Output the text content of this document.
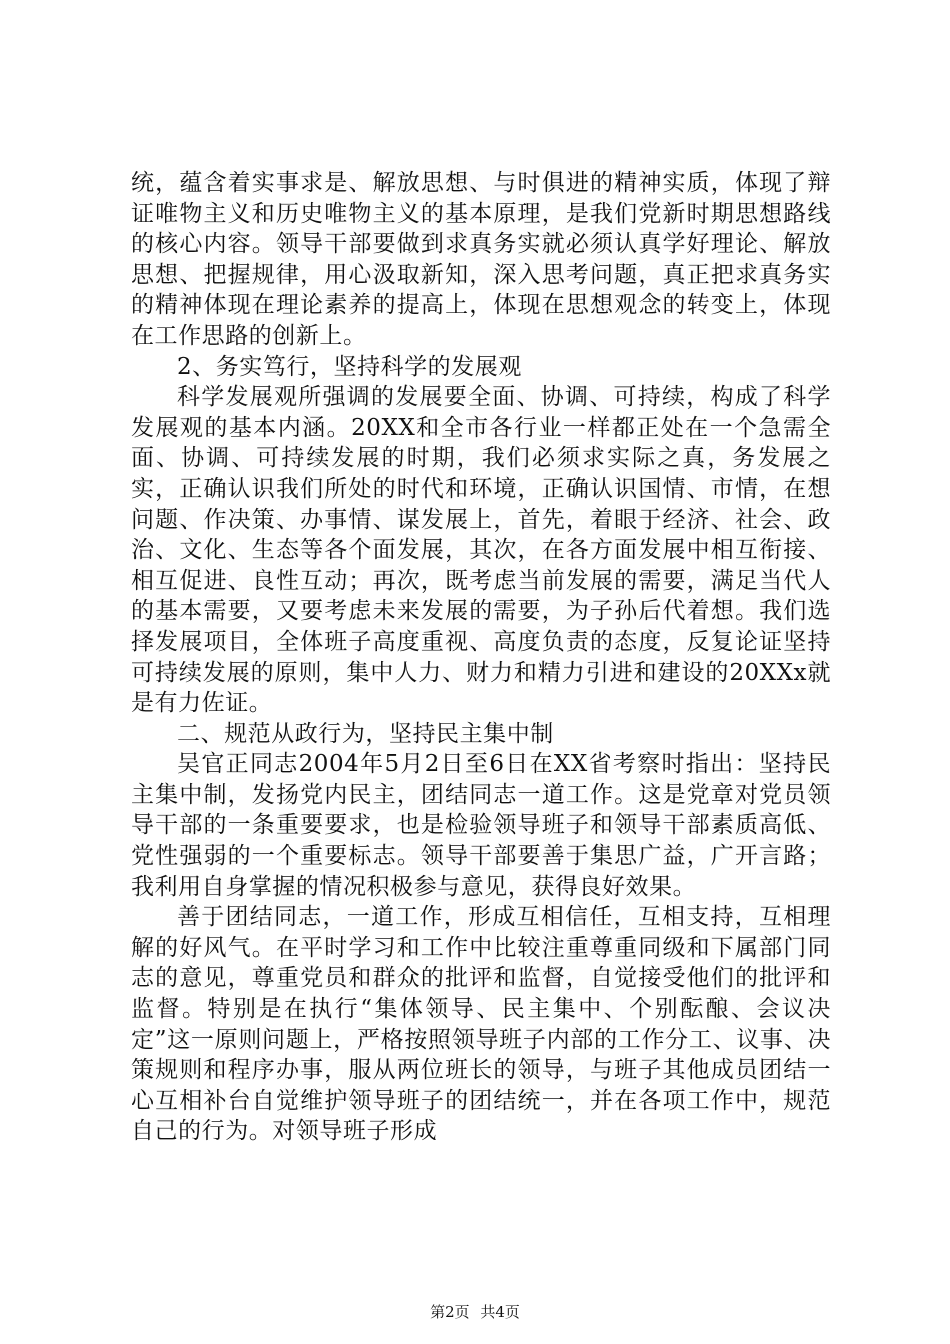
统，蕴含着实事求是、解放思想、与时俱进的精神实质，体现了辩证唯物主义和历史唯物主义的基本原理，是我们党新时期思想路线的核心内容。领导干部要做到求真务实就必须认真学好理论、解放思想、把握规律，用心汲取新知，深入思考问题，真正把求真务实的精神体现在理论素养的提高上，体现在思想观念的转变上，体现在工作思路的创新上。

2、务实笃行，坚持科学的发展观

科学发展观所强调的发展要全面、协调、可持续，构成了科学发展观的基本内涵。20XX和全市各行业一样都正处在一个急需全面、协调、可持续发展的时期，我们必须求实际之真，务发展之实，正确认识我们所处的时代和环境，正确认识国情、市情，在想问题、作决策、办事情、谋发展上，首先，着眼于经济、社会、政治、文化、生态等各个面发展，其次，在各方面发展中相互衔接、相互促进、良性互动；再次，既考虑当前发展的需要，满足当代人的基本需要，又要考虑未来发展的需要，为子孙后代着想。我们选择发展项目，全体班子高度重视、高度负责的态度，反复论证坚持可持续发展的原则，集中人力、财力和精力引进和建设的20XXx就是有力佐证。

二、规范从政行为，坚持民主集中制

吴官正同志2004年5月2日至6日在XX省考察时指出：坚持民主集中制，发扬党内民主，团结同志一道工作。这是党章对党员领导干部的一条重要要求，也是检验领导班子和领导干部素质高低、党性强弱的一个重要标志。领导干部要善于集思广益，广开言路；我利用自身掌握的情况积极参与意见，获得良好效果。

善于团结同志，一道工作，形成互相信任，互相支持，互相理解的好风气。在平时学习和工作中比较注重尊重同级和下属部门同志的意见，尊重党员和群众的批评和监督，自觉接受他们的批评和监督。特别是在执行“集体领导、民主集中、个别酝酿、会议决定”这一原则问题上，严格按照领导班子内部的工作分工、议事、决策规则和程序办事，服从两位班长的领导，与班子其他成员团结一心互相补台自觉维护领导班子的团结统一，并在各项工作中，规范自己的行为。对领导班子形成

第2页 共4页
